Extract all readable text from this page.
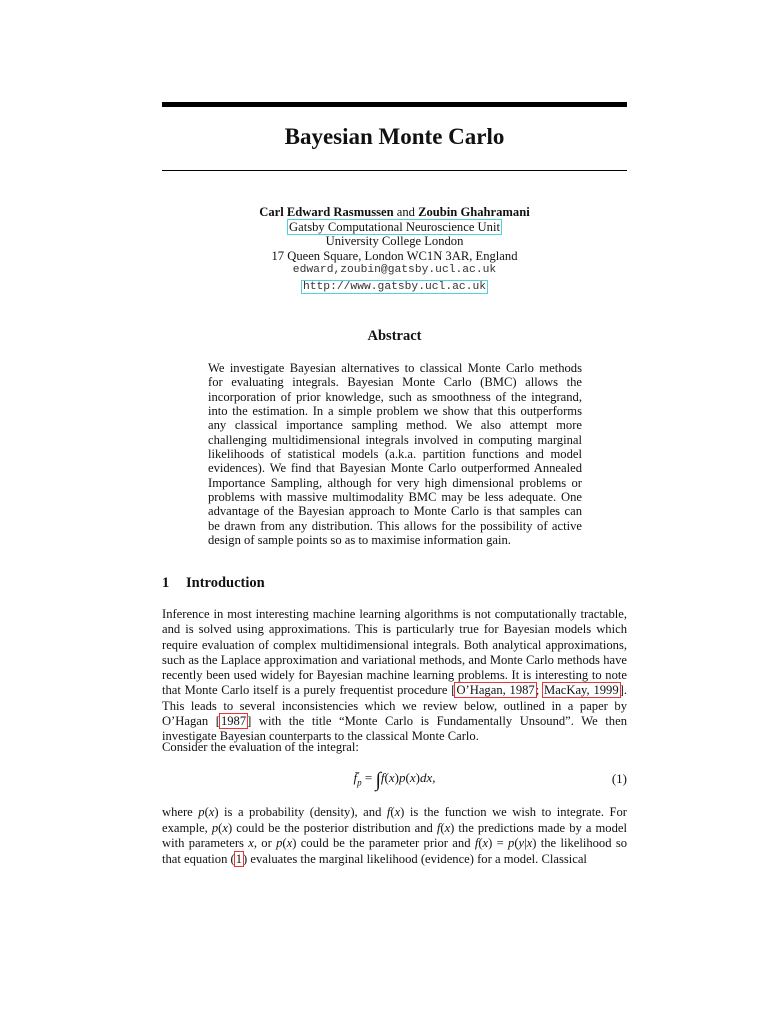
Bayesian Monte Carlo
Carl Edward Rasmussen and Zoubin Ghahramani
Gatsby Computational Neuroscience Unit
University College London
17 Queen Square, London WC1N 3AR, England
edward,zoubin@gatsby.ucl.ac.uk
http://www.gatsby.ucl.ac.uk
Abstract
We investigate Bayesian alternatives to classical Monte Carlo methods for evaluating integrals. Bayesian Monte Carlo (BMC) allows the incorporation of prior knowledge, such as smoothness of the integrand, into the estimation. In a simple problem we show that this outperforms any classical importance sampling method. We also attempt more challenging multidimensional integrals involved in computing marginal likelihoods of statistical models (a.k.a. partition functions and model evidences). We find that Bayesian Monte Carlo outperformed Annealed Importance Sampling, although for very high dimensional problems or problems with massive multimodality BMC may be less adequate. One advantage of the Bayesian approach to Monte Carlo is that samples can be drawn from any distribution. This allows for the possibility of active design of sample points so as to maximise information gain.
1 Introduction
Inference in most interesting machine learning algorithms is not computationally tractable, and is solved using approximations. This is particularly true for Bayesian models which require evaluation of complex multidimensional integrals. Both analytical approximations, such as the Laplace approximation and variational methods, and Monte Carlo methods have recently been used widely for Bayesian machine learning problems. It is interesting to note that Monte Carlo itself is a purely frequentist procedure [O’Hagan, 1987; MacKay, 1999]. This leads to several inconsistencies which we review below, outlined in a paper by O’Hagan [1987] with the title “Monte Carlo is Fundamentally Unsound”. We then investigate Bayesian counterparts to the classical Monte Carlo.
Consider the evaluation of the integral:
$f̄_p = \int f(x)p(x)dx$,	(1)
where p(x) is a probability (density), and f(x) is the function we wish to integrate. For example, p(x) could be the posterior distribution and f(x) the predictions made by a model with parameters x, or p(x) could be the parameter prior and f(x) = p(y|x) the likelihood so that equation (1) evaluates the marginal likelihood (evidence) for a model. Classical
